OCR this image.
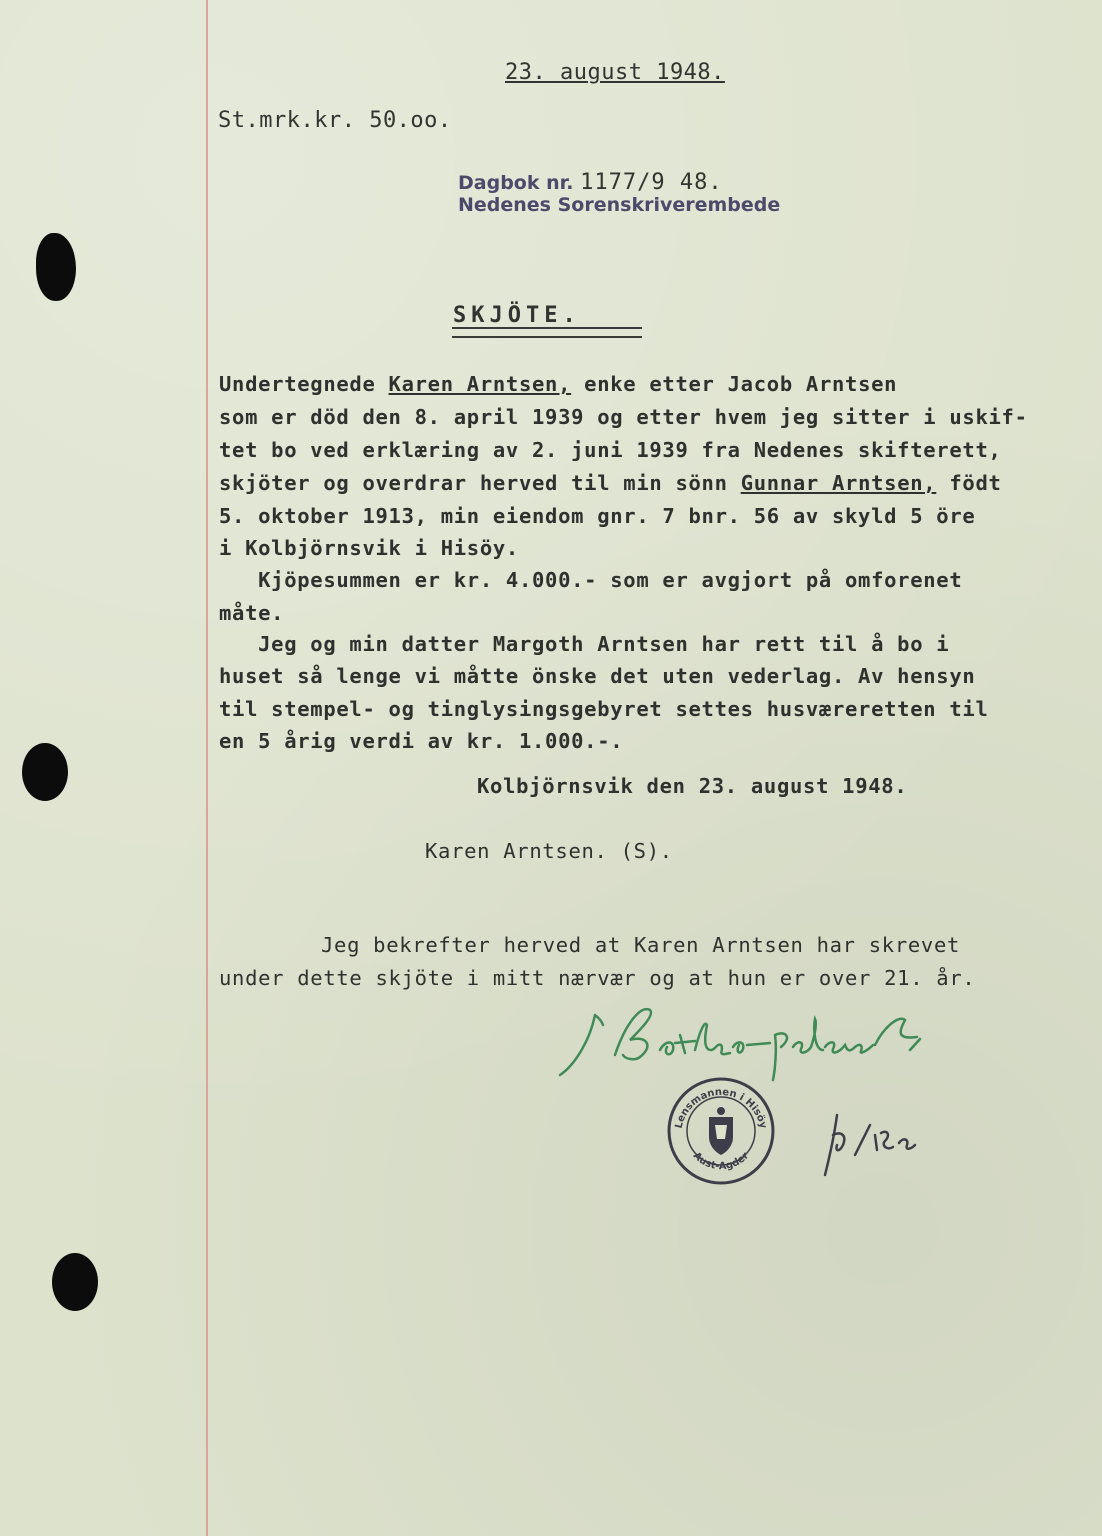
23. august 1948.
St.mrk.kr. 50.oo.
Dagbok nr. 1177/9 48.
Nedenes Sorenskriverembede
SKJÖTE.
Undertegnede Karen Arntsen, enke etter Jacob Arntsen
som er död den 8. april 1939 og etter hvem jeg sitter i uskif-
tet bo ved erklæring av 2. juni 1939 fra Nedenes skifterett,
skjöter og overdrar herved til min sönn Gunnar Arntsen, födt
5. oktober 1913, min eiendom gnr. 7 bnr. 56 av skyld 5 öre
i Kolbjörnsvik i Hisöy.
Kjöpesummen er kr. 4.000.- som er avgjort på omforenet
måte.
Jeg og min datter Margoth Arntsen har rett til å bo i
huset så lenge vi måtte önske det uten vederlag. Av hensyn
til stempel- og tinglysingsgebyret settes husværeretten til
en 5 årig verdi av kr. 1.000.-.
Kolbjörnsvik den 23. august 1948.
Karen Arntsen. (S).
Jeg bekrefter herved at Karen Arntsen har skrevet
under dette skjöte i mitt nærvær og at hun er over 21. år.
Lensmannen i Hisöy
Aust-Agder
